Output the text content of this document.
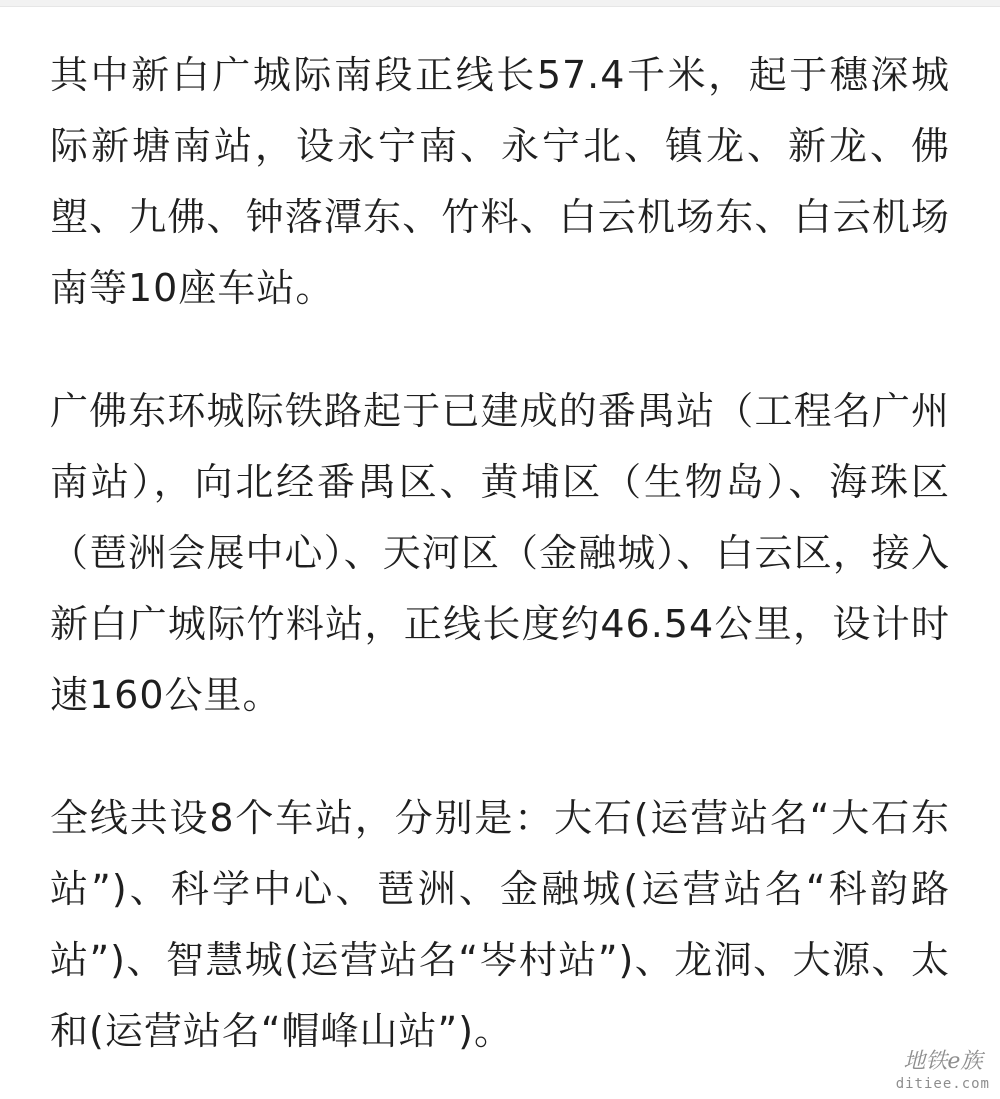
其中新白广城际南段正线长57.4千米，起于穗深城际新塘南站，设永宁南、永宁北、镇龙、新龙、佛塱、九佛、钟落潭东、竹料、白云机场东、白云机场南等10座车站。

广佛东环城际铁路起于已建成的番禺站（工程名广州南站），向北经番禺区、黄埔区（生物岛）、海珠区（琶洲会展中心）、天河区（金融城）、白云区，接入新白广城际竹料站，正线长度约46.54公里，设计时速160公里。

全线共设8个车站，分别是：大石(运营站名“大石东站”)、科学中心、琶洲、金融城(运营站名“科韵路站”)、智慧城(运营站名“岑村站”)、龙洞、大源、太和(运营站名“帽峰山站”)。

地铁e族
ditiee.com
